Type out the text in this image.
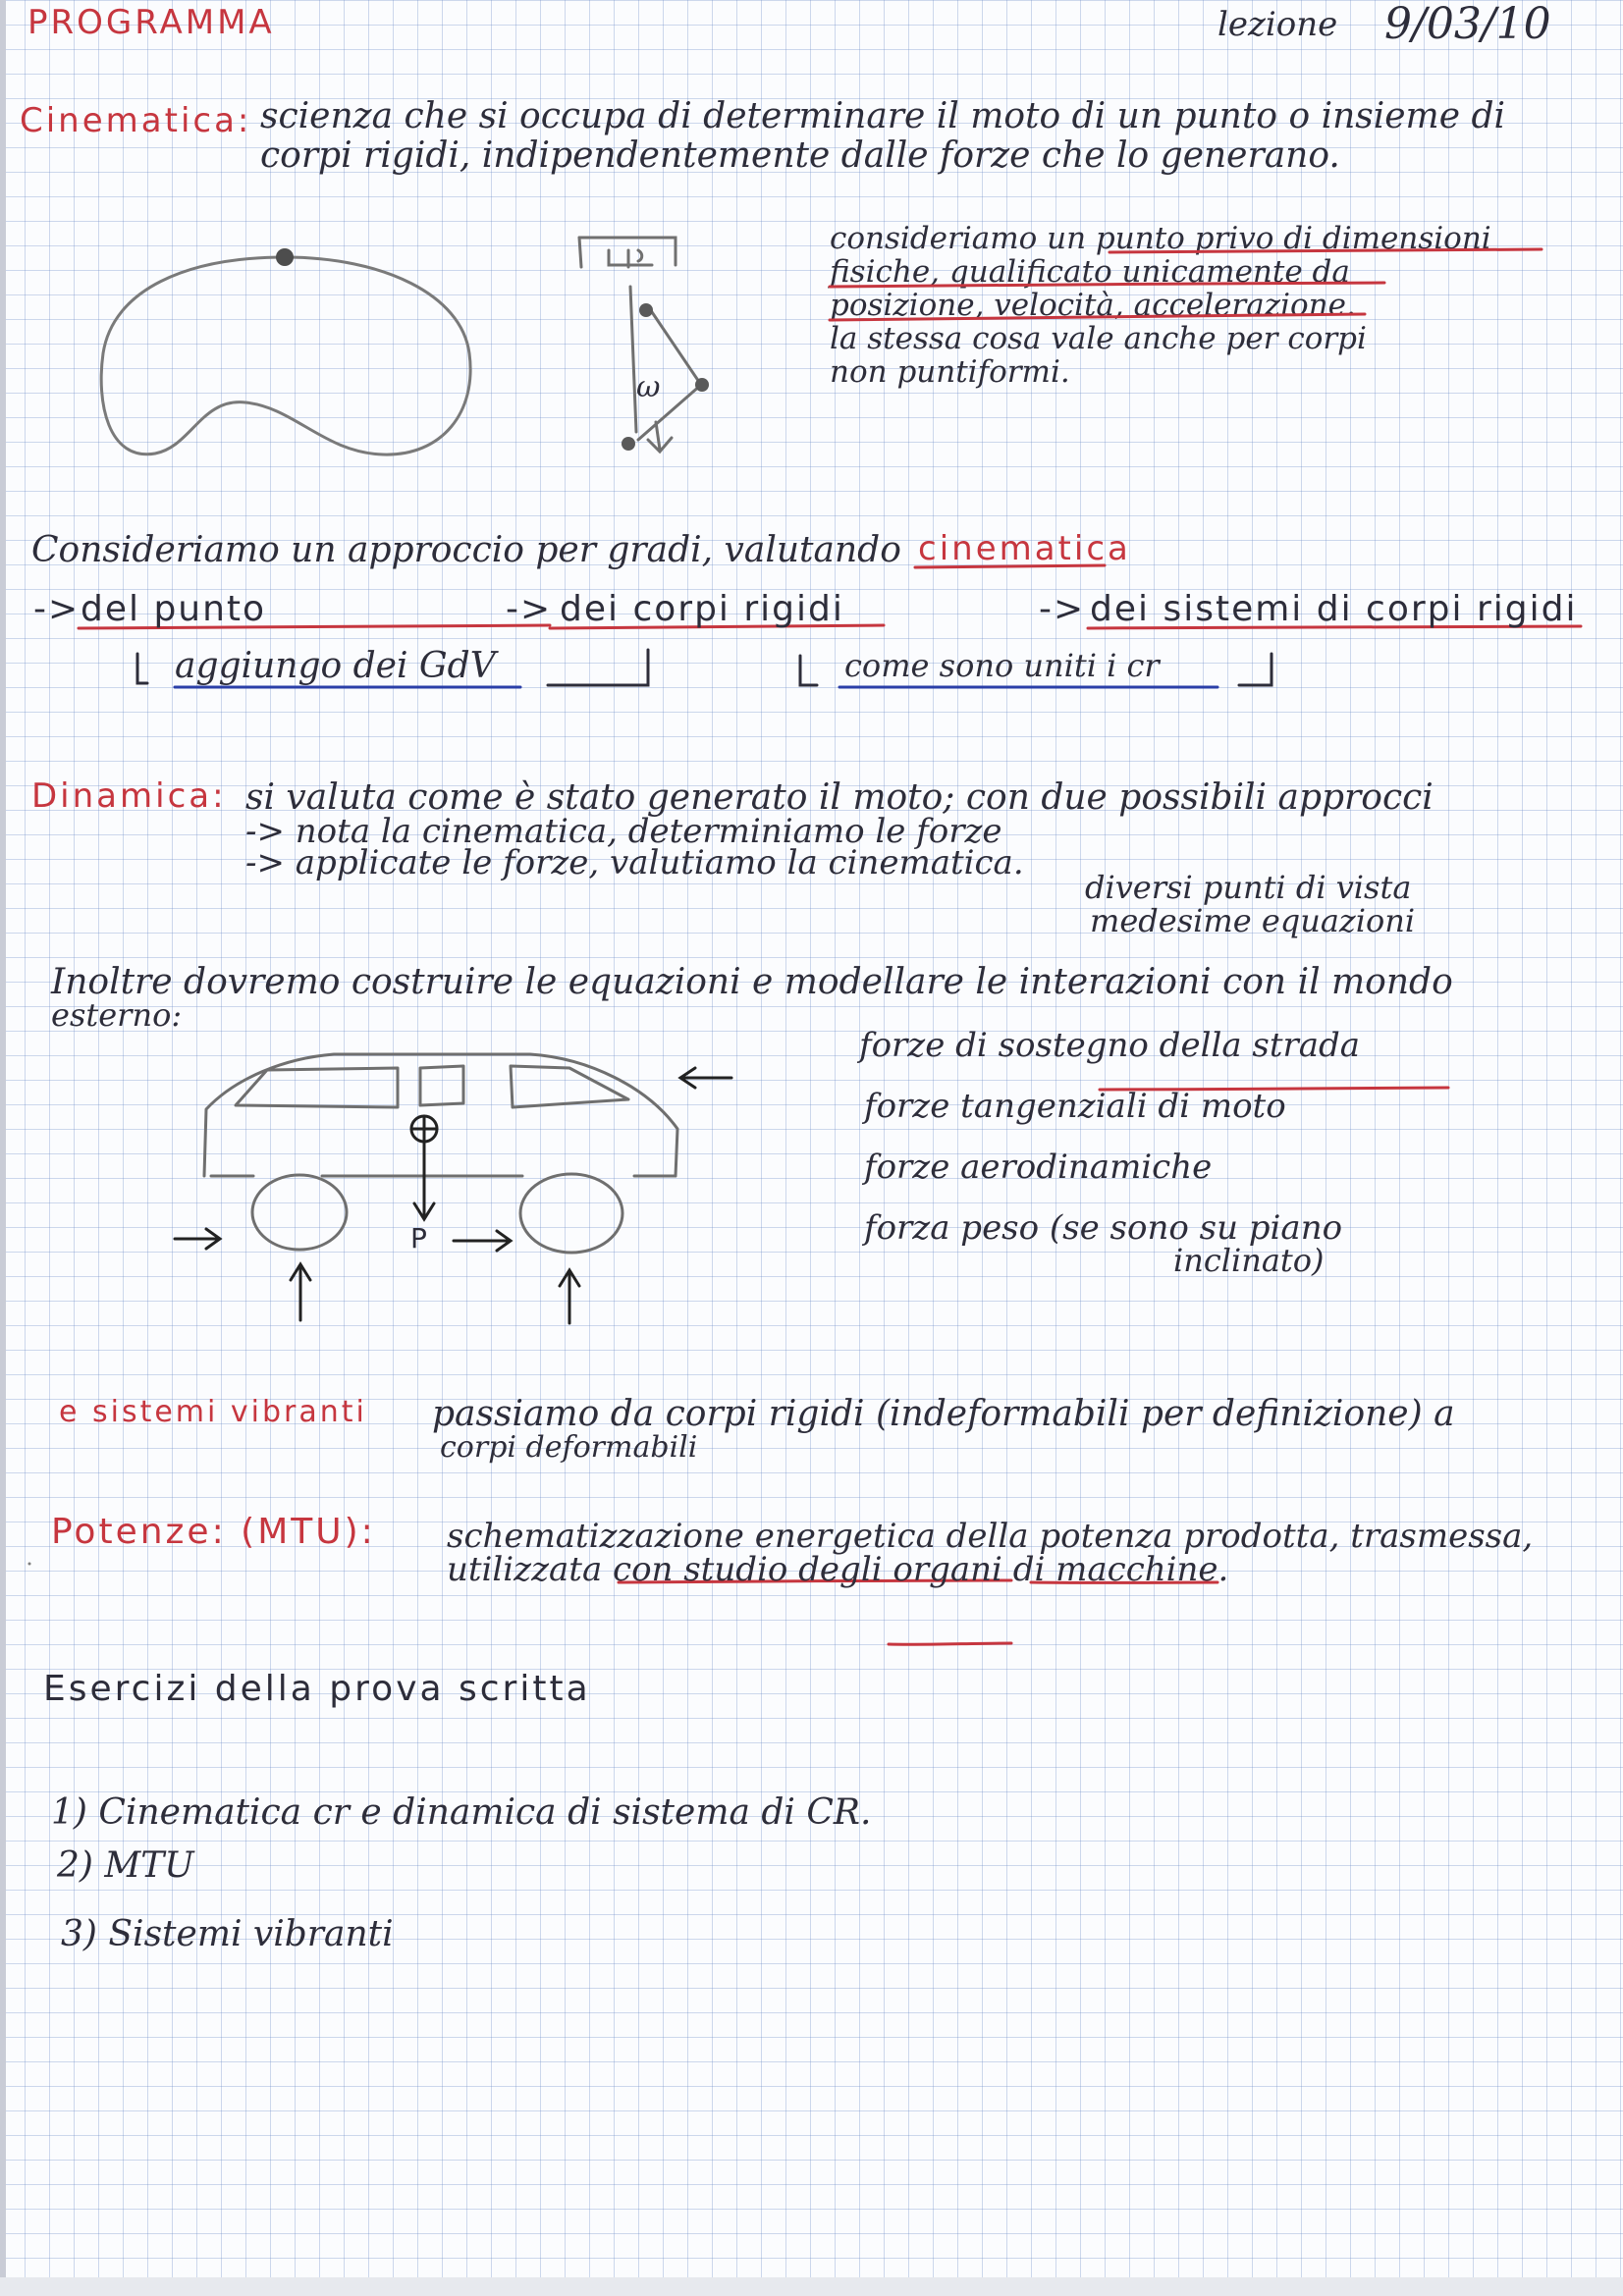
PROGRAMMA	lezione 9/03/10
Cinematica: scienza che si occupa di determinare il moto di un punto o insieme di
corpi rigidi, indipendentemente dalle forze che lo generano.
consideriamo un punto privo di dimensioni
fisiche, qualificato unicamente da
posizione, velocità, accelerazione.
la stessa cosa vale anche per corpi
non puntiformi.
ω
Consideriamo un approccio per gradi, valutando cinematica
-> del punto	-> dei corpi rigidi	-> dei sistemi di corpi rigidi
aggiungo dei GdV	come sono uniti i cr
Dinamica: si valuta come è stato generato il moto; con due possibili approcci
-> nota la cinematica, determiniamo le forze
-> applicate le forze, valutiamo la cinematica.
diversi punti di vista
medesime equazioni
Inoltre dovremo costruire le equazioni e modellare le interazioni con il mondo
esterno:
forze di sostegno della strada
forze tangenziali di moto
forze aerodinamiche
forza peso (se sono su piano
inclinato)
P
e sistemi vibranti passiamo da corpi rigidi (indeformabili per definizione) a
corpi deformabili
Potenze: (MTU): schematizzazione energetica della potenza prodotta, trasmessa,
utilizzata con studio degli organi di macchine.
Esercizi della prova scritta
1) Cinematica cr e dinamica di sistema di CR.
2) MTU
3) Sistemi vibranti
